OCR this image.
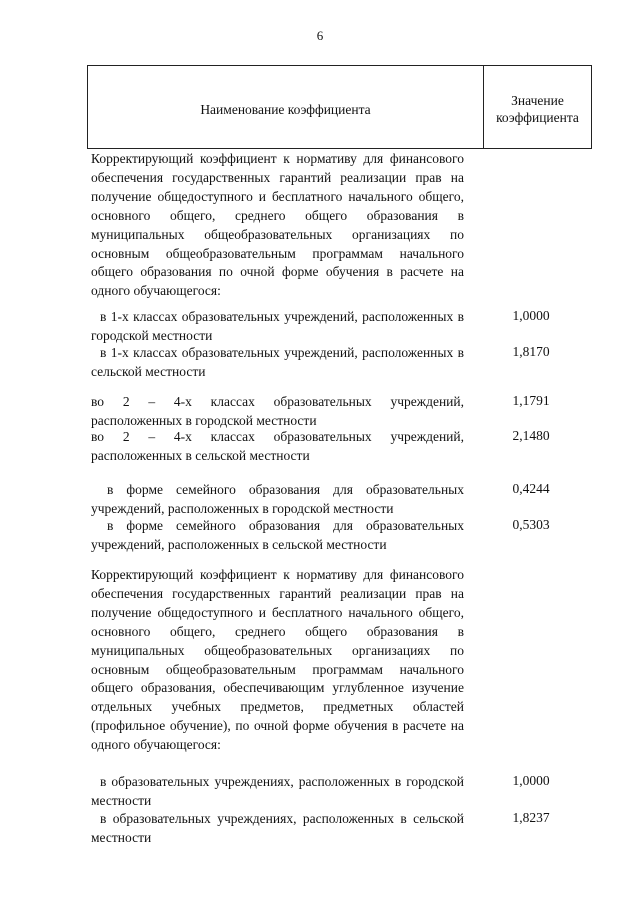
6
Наименование коэффициента
Значение
коэффициента
Корректирующий коэффициент к нормативу для финансового обеспечения государственных гарантий реализации прав на получение общедоступного и бесплатного начального общего, основного общего, среднего общего образования в муниципальных общеобразовательных организациях по основным общеобразовательным программам начального общего образования по очной форме обучения в расчете на одного обучающегося:
в 1-х классах образовательных учреждений, расположенных в городской местности
1,0000
в 1-х классах образовательных учреждений, расположенных в сельской местности
1,8170
во 2 – 4-х классах образовательных учреждений, расположенных в городской местности
1,1791
во 2 – 4-х классах образовательных учреждений, расположенных в сельской местности
2,1480
в форме семейного образования для образовательных учреждений, расположенных в городской местности
0,4244
в форме семейного образования для образовательных учреждений, расположенных в сельской местности
0,5303
Корректирующий коэффициент к нормативу для финансового обеспечения государственных гарантий реализации прав на получение общедоступного и бесплатного начального общего, основного общего, среднего общего образования в муниципальных общеобразовательных организациях по основным общеобразовательным программам начального общего образования, обеспечивающим углубленное изучение отдельных учебных предметов, предметных областей (профильное обучение), по очной форме обучения в расчете на одного обучающегося:
в образовательных учреждениях, расположенных в городской местности
1,0000
в образовательных учреждениях, расположенных в сельской местности
1,8237
